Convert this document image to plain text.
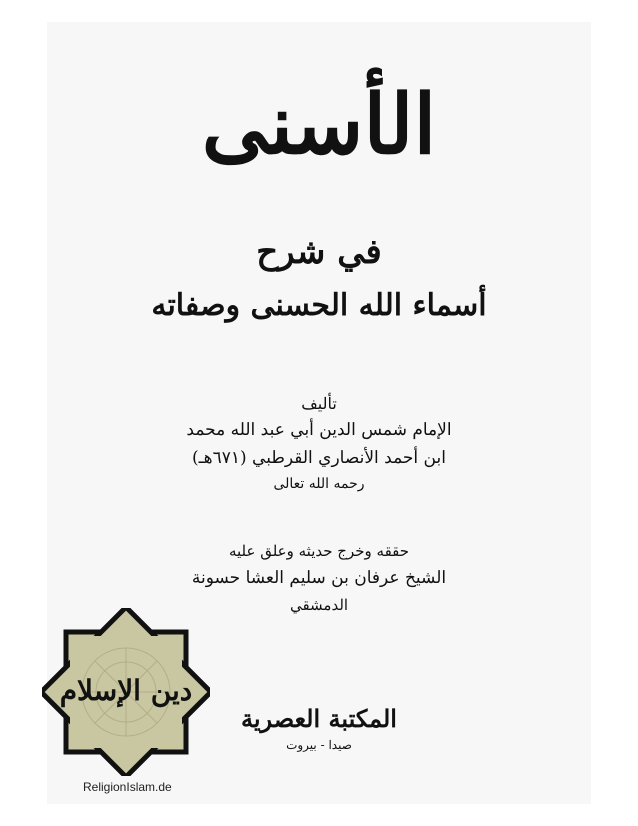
الأسنى
في شرح
أسماء الله الحسنى وصفاته
تأليف
الإمام شمس الدين أبي عبد الله محمد
ابن أحمد الأنصاري القرطبي (٦٧١هـ)
رحمه الله تعالى
حققه وخرج حديثه وعلق عليه
الشيخ عرفان بن سليم العشا حسونة
الدمشقي
المكتبة العصرية
صيدا - بيروت
دين الإسلام
ReligionIslam.de
